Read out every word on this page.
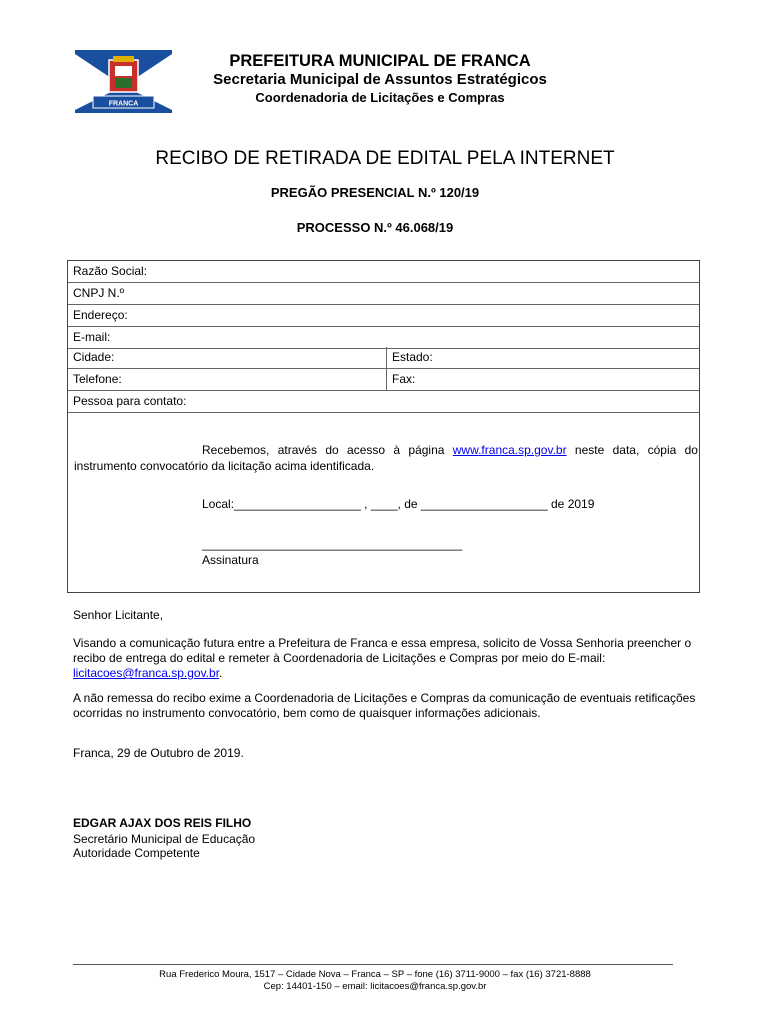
FRANCA
PREFEITURA MUNICIPAL DE FRANCA
Secretaria Municipal de Assuntos Estratégicos
Coordenadoria de Licitações e Compras
RECIBO DE RETIRADA DE EDITAL PELA INTERNET
PREGÃO PRESENCIAL N.º 120/19
PROCESSO N.º 46.068/19
Razão Social:
CNPJ N.º
Endereço:
E-mail:
Cidade:	Estado:
Telefone:	Fax:
Pessoa para contato:
Recebemos, através do acesso à página www.franca.sp.gov.br neste data, cópia do instrumento convocatório da licitação acima identificada.
Local:___________________ , ____, de ___________________ de 2019
_______________________________________
Assinatura
Senhor Licitante,
Visando a comunicação futura entre a Prefeitura de Franca e essa empresa, solicito de Vossa Senhoria preencher o recibo de entrega do edital e remeter à Coordenadoria de Licitações e Compras por meio do E-mail: licitacoes@franca.sp.gov.br.
A não remessa do recibo exime a Coordenadoria de Licitações e Compras da comunicação de eventuais retificações ocorridas no instrumento convocatório, bem como de quaisquer informações adicionais.
Franca, 29 de Outubro de 2019.
EDGAR AJAX DOS REIS FILHO
Secretário Municipal de Educação
Autoridade Competente
Rua Frederico Moura, 1517 – Cidade Nova – Franca – SP – fone (16) 3711-9000 – fax (16) 3721-8888
Cep: 14401-150 – email: licitacoes@franca.sp.gov.br
